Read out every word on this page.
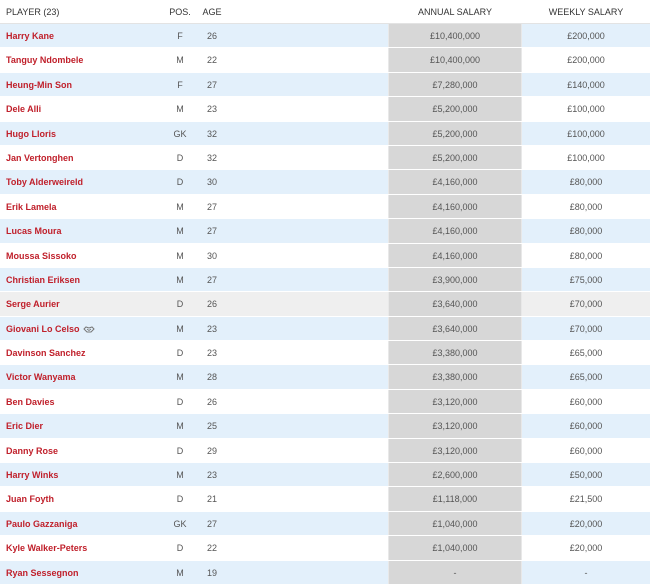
PLAYER (23)	POS.	AGE	ANNUAL SALARY	WEEKLY SALARY
Harry Kane	F	26	£10,400,000	£200,000
Tanguy Ndombele	M	22	£10,400,000	£200,000
Heung-Min Son	F	27	£7,280,000	£140,000
Dele Alli	M	23	£5,200,000	£100,000
Hugo Lloris	GK	32	£5,200,000	£100,000
Jan Vertonghen	D	32	£5,200,000	£100,000
Toby Alderweireld	D	30	£4,160,000	£80,000
Erik Lamela	M	27	£4,160,000	£80,000
Lucas Moura	M	27	£4,160,000	£80,000
Moussa Sissoko	M	30	£4,160,000	£80,000
Christian Eriksen	M	27	£3,900,000	£75,000
Serge Aurier	D	26	£3,640,000	£70,000
Giovani Lo Celso	M	23	£3,640,000	£70,000
Davinson Sanchez	D	23	£3,380,000	£65,000
Victor Wanyama	M	28	£3,380,000	£65,000
Ben Davies	D	26	£3,120,000	£60,000
Eric Dier	M	25	£3,120,000	£60,000
Danny Rose	D	29	£3,120,000	£60,000
Harry Winks	M	23	£2,600,000	£50,000
Juan Foyth	D	21	£1,118,000	£21,500
Paulo Gazzaniga	GK	27	£1,040,000	£20,000
Kyle Walker-Peters	D	22	£1,040,000	£20,000
Ryan Sessegnon	M	19	-	-
